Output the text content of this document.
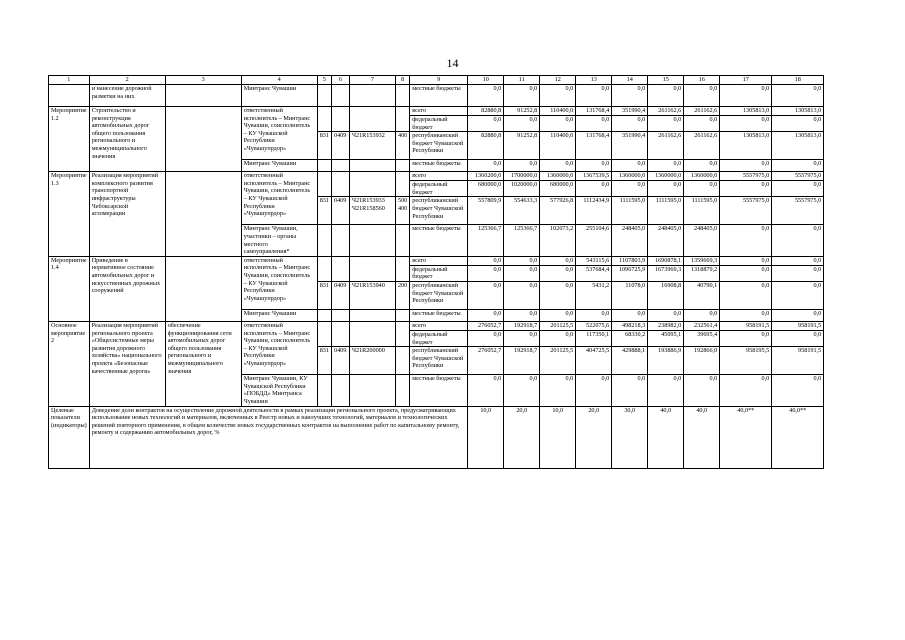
14
1	2	3	4	5	6	7	8	9	10	11	12	13	14	15	16	17	18
	и нанесение дорожной разметки на них		Минтранс Чувашии					местные бюджеты	0,0	0,0	0,0	0,0	0,0	0,0	0,0	0,0	0,0
Мероприятие 1.2	Строительство и реконструкция автомобильных дорог общего пользования регионального и межмуниципального значения		ответственный исполнитель – Минтранс Чувашии, соисполнитель – КУ Чувашской Республики «Чувашупрдор»					всего	82880,8	91252,8	110400,0	131768,4	351990,4	261162,6	261162,6	1305813,0	1305813,0
								федеральный бюджет	0,0	0,0	0,0	0,0	0,0	0,0	0,0	0,0	0,0
				831	0409	Ч21R153932	400	республиканский бюджет Чувашской Республики	82880,8	91252,8	110400,0	131768,4	351990,4	261162,6	261162,6	1305813,0	1305813,0
			Минтранс Чувашии					местные бюджеты	0,0	0,0	0,0	0,0	0,0	0,0	0,0	0,0	0,0
Мероприятие 1.3	Реализация мероприятий комплексного развития транспортной инфраструктуры Чебоксарской агломерации		ответственный исполнитель – Минтранс Чувашии, соисполнитель – КУ Чувашской Республики «Чувашупрдор»					всего	1360200,0	1700000,0	1360000,0	1367539,5	1360000,0	1360000,0	1360000,0	5557975,0	5557975,0
								федеральный бюджет	680000,0	1020000,0	680000,0	0,0	0,0	0,0	0,0	0,0	0,0
				831	0409	Ч21R153933 Ч21R158560	500 400	республиканский бюджет Чувашской Республики	557809,9	554633,3	577926,8	1112434,9	1111595,0	1111595,0	1111595,0	5557975,0	5557975,0
			Минтранс Чувашии, участники – органы местного самоуправления*					местные бюджеты	125366,7	125366,7	102073,2	255104,6	248405,0	248405,0	248405,0	0,0	0,0
Мероприятие 1.4	Приведение в нормативное состояние автомобильных дорог и искусственных дорожных сооружений		ответственный исполнитель – Минтранс Чувашии, соисполнитель – КУ Чувашской Республики «Чувашупрдор»					всего	0,0	0,0	0,0	543115,6	1107803,9	1690878,1	1359669,3	0,0	0,0
								федеральный бюджет	0,0	0,0	0,0	537684,4	1096725,9	1673969,3	1318879,2	0,0	0,0
				831	0409	Ч21R153940	200	республиканский бюджет Чувашской Республики	0,0	0,0	0,0	5431,2	11078,0	16908,8	40790,1	0,0	0,0
			Минтранс Чувашии					местные бюджеты	0,0	0,0	0,0	0,0	0,0	0,0	0,0	0,0	0,0
Основное мероприятие 2	Реализация мероприятий регионального проекта «Общесистемные меры развития дорожного хозяйства» национального проекта «Безопасные качественные дороги»	обеспечение функционирования сети автомобильных дорог общего пользования регионального и межмуниципального значения	ответственный исполнитель – Минтранс Чувашии, соисполнитель – КУ Чувашской Республики «Чувашупрдор»					всего	276052,7	192918,7	201125,5	522075,6	498218,3	238982,0	232561,4	958191,5	958191,5
								федеральный бюджет	0,0	0,0	0,0	117350,1	68330,2	45095,1	39695,4	0,0	0,0
				831	0409	Ч21R200000		республиканский бюджет Чувашской Республики	276052,7	192918,7	201125,5	404725,5	429888,1	193886,9	192866,0	958195,5	958191,5
			Минтранс Чувашии, КУ Чувашской Республики «ПОБДД» Минтранса Чувашии					местные бюджеты	0,0	0,0	0,0	0,0	0,0	0,0	0,0	0,0	0,0
Целевые показатели (индикаторы)	Доведение доли контрактов на осуществление дорожной деятельности в рамках реализации регионального проекта, предусматривающих использование новых технологий и материалов, включенных в Реестр новых и наилучших технологий, материалов и технологических решений повторного применения, в общем количестве новых государственных контрактов на выполнение работ по капитальному ремонту, ремонту и содержанию автомобильных дорог, %								10,0	20,0	10,0	20,0	30,0	40,0	40,0	40,0**	40,0**
